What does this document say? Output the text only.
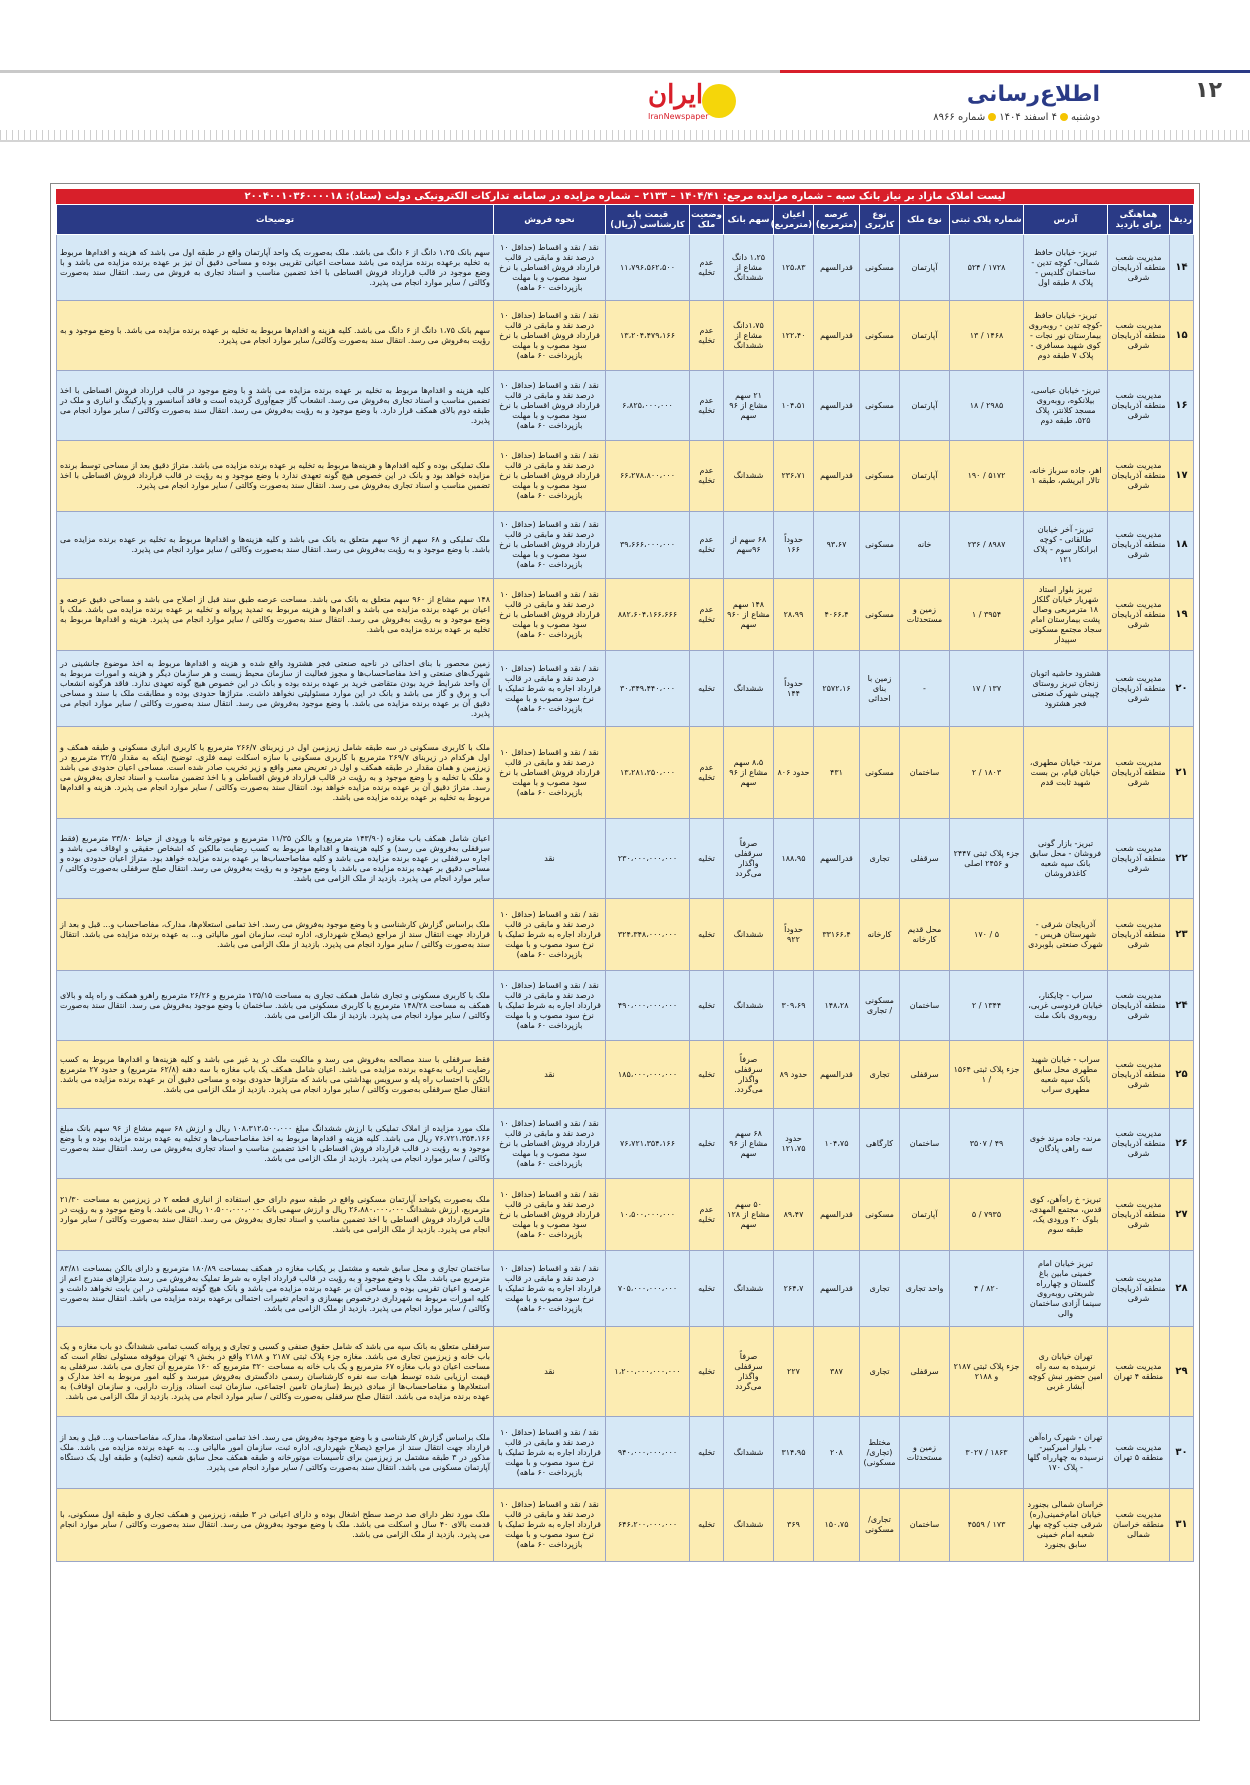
۱۲
اطلاع‌رسانی
دوشنبه۴ اسفند ۱۴۰۴شماره ۸۹۶۶
ایران
IranNewspaper
لیست املاک مازاد بر نیاز بانک سپه – شماره مزایده مرجع: ۱۴۰۴/۴۱ – ۲۱۳۳ – شماره مزایده در سامانه تدارکات الکترونیکی دولت (ستاد): ۲۰۰۴۰۰۱۰۳۶۰۰۰۰۱۸
ردیف	هماهنگی برای بازدید	آدرس	شماره پلاک ثبتی	نوع ملک	نوع کاربری	عرصه (مترمربع)	اعیان (مترمربع)	سهم بانک	وضعیت ملک	قیمت پایه کارشناسی (ریال)	نحوه فروش	توضیحات
۱۴	مدیریت شعب منطقه آذربایجان شرقی	تبریز- خیابان حافظ شمالی- کوچه تدین - ساختمان گلدیس - پلاک ۸ طبقه اول	۱۷۲۸ / ۵۲۴	آپارتمان	مسکونی	قدرالسهم	۱۲۵،۸۳	۱،۲۵ دانگ مشاع از ششدانگ	عدم تخلیه	۱۱،۷۹۶،۵۶۲،۵۰۰	نقد / نقد و اقساط (حداقل ۱۰ درصد نقد و مابقی در قالب قرارداد فروش اقساطی با نرخ سود مصوب و با مهلت بازپرداخت ۶۰ ماهه)	سهم بانک ۱،۲۵ دانگ از ۶ دانگ می باشد. ملک به‌صورت یک واحد آپارتمان واقع در طبقه اول می باشد که هزینه و اقدام‌ها مربوط به تخلیه برعهده برنده مزایده می باشد مساحت اعیانی تقریبی بوده و مساحی دقیق آن نیز بر عهده برنده مزایده می باشد و با وضع موجود در قالب قرارداد فروش اقساطی با اخذ تضمین مناسب و اسناد تجاری به فروش می رسد. انتقال سند به‌صورت وکالتی / سایر موارد انجام می پذیرد.
۱۵	مدیریت شعب منطقه آذربایجان شرقی	تبریز- خیابان حافظ -کوچه تدین - روبه‌روی بیمارستان نور نجات - کوی شهید مسافری - پلاک ۷ طبقه دوم	۱۴۶۸ / ۱۳	آپارتمان	مسکونی	قدرالسهم	۱۲۲،۴۰	۱،۷۵دانگ مشاع از ششدانگ	عدم تخلیه	۱۳،۲۰۴،۴۷۹،۱۶۶	نقد / نقد و اقساط (حداقل ۱۰ درصد نقد و مابقی در قالب قرارداد فروش اقساطی با نرخ سود مصوب و با مهلت بازپرداخت ۶۰ ماهه)	سهم بانک ۱،۷۵ دانگ از ۶ دانگ می باشد. کلیه هزینه و اقدام‌ها مربوط به تخلیه بر عهده برنده مزایده می باشد. با وضع موجود و به رؤیت به‌فروش می رسد. انتقال سند به‌صورت وکالتی/ سایر موارد انجام می پذیرد.
۱۶	مدیریت شعب منطقه آذربایجان شرقی	تبریز- خیابان عباسی، بیلانکوه، روبه‌روی مسجد کلانتر، پلاک ۵۲۵، طبقه دوم	۲۹۸۵ / ۱۸	آپارتمان	مسکونی	قدرالسهم	۱۰۴،۵۱	۲۱ سهم مشاع از ۹۶ سهم	عدم تخلیه	۶،۸۲۵،۰۰۰،۰۰۰	نقد / نقد و اقساط (حداقل ۱۰ درصد نقد و مابقی در قالب قرارداد فروش اقساطی با نرخ سود مصوب و با مهلت بازپرداخت ۶۰ ماهه)	کلیه هزینه و اقدام‌ها مربوط به تخلیه بر عهده برنده مزایده می باشد و با وضع موجود در قالب قرارداد فروش اقساطی با اخذ تضمین مناسب و اسناد تجاری به‌فروش می رسد. انشعاب گاز جمع‌آوری گردیده است و فاقد آسانسور و پارکینگ و انباری و ملک در طبقه دوم بالای همکف قرار دارد. با وضع موجود و به رؤیت به‌فروش می رسد. انتقال سند به‌صورت وکالتی / سایر موارد انجام می پذیرد.
۱۷	مدیریت شعب منطقه آذربایجان شرقی	اهر، جاده سرباز خانه، تالار ابریشم، طبقه ۱	۵۱۷۲ / ۱۹۰	آپارتمان	مسکونی	قدرالسهم	۲۳۶،۷۱	ششدانگ	عدم تخلیه	۶۶،۲۷۸،۸۰۰،۰۰۰	نقد / نقد و اقساط (حداقل ۱۰ درصد نقد و مابقی در قالب قرارداد فروش اقساطی با نرخ سود مصوب و با مهلت بازپرداخت ۶۰ ماهه)	ملک تملیکی بوده و کلیه اقدام‌ها و هزینه‌ها مربوط به تخلیه بر عهده برنده مزایده می باشد. متراژ دقیق بعد از مساحی توسط برنده مزایده خواهد بود و بانک در این خصوص هیچ گونه تعهدی ندارد با وضع موجود و به رؤیت در قالب قرارداد فروش اقساطی با اخذ تضمین مناسب و اسناد تجاری به‌فروش می رسد. انتقال سند به‌صورت وکالتی / سایر موارد انجام می پذیرد.
۱۸	مدیریت شعب منطقه آذربایجان شرقی	تبریز- آخر خیابان طالقانی - کوچه ابرانکار سوم - پلاک ۱۲۱	۸۹۸۷ / ۲۳۶	خانه	مسکونی	۹۳،۶۷	حدوداً ۱۶۶	۶۸ سهم از ۹۶سهم	عدم تخلیه	۳۹،۶۶۶،۰۰۰،۰۰۰	نقد / نقد و اقساط (حداقل ۱۰ درصد نقد و مابقی در قالب قرارداد فروش اقساطی با نرخ سود مصوب و با مهلت بازپرداخت ۶۰ ماهه)	ملک تملیکی و ۶۸ سهم از ۹۶ سهم متعلق به بانک می باشد و کلیه هزینه‌ها و اقدام‌ها مربوط به تخلیه بر عهده برنده مزایده می باشد. با وضع موجود و به رؤیت به‌فروش می رسد. انتقال سند به‌صورت وکالتی / سایر موارد انجام می پذیرد.
۱۹	مدیریت شعب منطقه آذربایجان شرقی	تبریز بلوار استاد شهریار خیابان گلکار ۱۸ مترمربعی وصال پشت بیمارستان امام سجاد مجتمع مسکونی سپیدار	۳۹۵۴ / ۱	زمین و مستحدثات	مسکونی	۴۰۶۶،۴	۲۸،۹۹	۱۴۸ سهم مشاع از ۹۶۰ سهم	عدم تخلیه	۸۸۲،۶۰۴،۱۶۶،۶۶۶	نقد / نقد و اقساط (حداقل ۱۰ درصد نقد و مابقی در قالب قرارداد فروش اقساطی با نرخ سود مصوب و با مهلت بازپرداخت ۶۰ ماهه)	۱۴۸ سهم مشاع از ۹۶۰ سهم متعلق به بانک می باشد. مساحت عرصه طبق سند قبل از اصلاح می باشد و مساحی دقیق عرصه و اعیان بر عهده برنده مزایده می باشد و اقدام‌ها و هزینه مربوط به تمدید پروانه و تخلیه بر عهده برنده مزایده می باشد. ملک با وضع موجود و به رؤیت به‌فروش می رسد. انتقال سند به‌صورت وکالتی / سایر موارد انجام می پذیرد. هزینه و اقدام‌ها مربوط به تخلیه بر عهده برنده مزایده می باشد.
۲۰	مدیریت شعب منطقه آذربایجان شرقی	هشترود حاشیه اتوبان زنجان تبریز روستای چپینی شهرک صنعتی فجر هشترود	۱۳۷ / ۱۷	-	زمین با بنای احداثی	۲۵۷۲،۱۶	حدوداً ۱۴۴	ششدانگ	تخلیه	۳۰،۳۴۹،۴۴۰،۰۰۰	نقد / نقد و اقساط (حداقل ۱۰ درصد نقد و مابقی در قالب قرارداد اجاره به شرط تملیک با نرخ سود مصوب و با مهلت بازپرداخت ۶۰ ماهه)	زمین محصور با بنای احداثی در ناحیه صنعتی فجر هشترود واقع شده و هزینه و اقدام‌ها مربوط به اخذ موضوع جانشینی در شهرک‌های صنعتی و اخذ مفاصاحساب‌ها و مجوز فعالیت از سازمان محیط زیست و هر سازمان دیگر و هزینه و امورات مربوط به آن واحد شرایط خرید بودن متقاضی خرید بر عهده برنده بوده و بانک در این خصوص هیچ گونه تعهدی ندارد. فاقد هرگونه انشعاب آب و برق و گاز می باشد و بانک در این موارد مسئولیتی نخواهد داشت. متراژها حدودی بوده و مطابقت ملک با سند و مساحی دقیق آن بر عهده برنده مزایده می باشد. با وضع موجود به‌فروش می رسد. انتقال سند به‌صورت وکالتی / سایر موارد انجام می پذیرد.
۲۱	مدیریت شعب منطقه آذربایجان شرقی	مرند- خیابان مطهری، خیابان قیام، بن بست شهید ثابت قدم	۱۸۰۳ / ۲	ساختمان	مسکونی	۴۳۱	حدود ۸۰۶	۸،۵ سهم مشاع از ۹۶ سهم	عدم تخلیه	۱۳،۲۸۱،۲۵۰،۰۰۰	نقد / نقد و اقساط (حداقل ۱۰ درصد نقد و مابقی در قالب قرارداد فروش اقساطی با نرخ سود مصوب و با مهلت بازپرداخت ۶۰ ماهه)	ملک با کاربری مسکونی در سه طبقه شامل زیرزمین اول در زیربنای ۲۶۶/۷ مترمربع با کاربری انباری مسکونی و طبقه همکف و اول هرکدام در زیربنای ۲۶۹/۷ مترمربع با کاربری مسکونی با سازه اسکلت نیمه فلزی. توضیح اینکه به مقدار ۳۲/۵ مترمربع در زیرزمین و همان مقدار در طبقه همکف و اول در تعریض معبر واقع و زیر تخریب صادر شده است. مساحی اعیان حدودی می باشد و ملک با تخلیه و با وضع موجود و به رؤیت در قالب قرارداد فروش اقساطی و با اخذ تضمین مناسب و اسناد تجاری به‌فروش می رسد. متراژ دقیق آن بر عهده برنده مزایده خواهد بود. انتقال سند به‌صورت وکالتی / سایر موارد انجام می پذیرد. هزینه و اقدام‌ها مربوط به تخلیه بر عهده برنده مزایده می باشد.
۲۲	مدیریت شعب منطقه آذربایجان شرقی	تبریز- بازار گونی فروشان - محل سابق بانک سپه شعبه کاغذفروشان	جزء پلاک ثبتی ۲۴۴۷ و ۲۴۵۶ اصلی	سرقفلی	تجاری	قدرالسهم	۱۸۸،۹۵	صرفاً سرقفلی واگذار می‌گردد	تخلیه	۲۳۰،۰۰۰،۰۰۰،۰۰۰	نقد	اعیان شامل همکف باب مغازه (۱۴۳/۹۰ مترمربع) و بالکن ۱۱/۳۵ مترمربع و موتورخانه با ورودی از حیاط ۳۳/۸۰ مترمربع (فقط سرقفلی به‌فروش می رسد) و کلیه هزینه‌ها و اقدام‌ها مربوط به کسب رضایت مالکین که اشخاص حقیقی و اوقاف می باشد و اجاره سرقفلی بر عهده برنده مزایده می باشد و کلیه مفاصاحساب‌ها بر عهده برنده مزایده خواهد بود. متراژ اعیان حدودی بوده و مساحی دقیق بر عهده برنده مزایده می باشد. با وضع موجود و به رؤیت به‌فروش می رسد. انتقال صلح سرقفلی به‌صورت وکالتی / سایر موارد انجام می پذیرد. بازدید از ملک الزامی می باشد.
۲۳	مدیریت شعب منطقه آذربایجان شرقی	آذربایجان شرقی - شهرستان هریس - شهرک صنعتی بلوبردی	۵ / ۱۷۰	محل قدیم کارخانه	کارخانه	۳۳۱۶۶،۴	حدوداً ۹۲۲	ششدانگ	تخلیه	۳۲۴،۳۴۸،۰۰۰،۰۰۰	نقد / نقد و اقساط (حداقل ۱۰ درصد نقد و مابقی در قالب قرارداد اجاره به شرط تملیک با نرخ سود مصوب و با مهلت بازپرداخت ۶۰ ماهه)	ملک براساس گزارش کارشناسی و با وضع موجود به‌فروش می رسد. اخذ تمامی استعلام‌ها، مدارک، مفاصاحساب و... قبل و بعد از قرارداد جهت انتقال سند از مراجع ذیصلاح شهرداری، اداره ثبت، سازمان امور مالیاتی و... به عهده برنده مزایده می باشد. انتقال سند به‌صورت وکالتی / سایر موارد انجام می پذیرد. بازدید از ملک الزامی می باشد.
۲۴	مدیریت شعب منطقه آذربایجان شرقی	سراب - چایکنار، خیابان فردوسی غربی، روبه‌روی بانک ملت	۱۳۴۴ / ۲	ساختمان	مسکونی / تجاری	۱۴۸،۲۸	۳۰۹،۶۹	ششدانگ	تخلیه	۴۹۰،۰۰۰،۰۰۰،۰۰۰	نقد / نقد و اقساط (حداقل ۱۰ درصد نقد و مابقی در قالب قرارداد اجاره به شرط تملیک با نرخ سود مصوب و با مهلت بازپرداخت ۶۰ ماهه)	ملک با کاربری مسکونی و تجاری شامل همکف تجاری به مساحت ۱۳۵/۱۵ مترمربع و ۲۶/۲۶ مترمربع راهرو همکف و راه پله و بالای همکف به مساحت ۱۴۸/۲۸ مترمربع با کاربری مسکونی می باشد. ساختمان با وضع موجود به‌فروش می رسد. انتقال سند به‌صورت وکالتی / سایر موارد انجام می پذیرد. بازدید از ملک الزامی می باشد.
۲۵	مدیریت شعب منطقه آذربایجان شرقی	سراب - خیابان شهید مطهری محل سابق بانک سپه شعبه مطهری سراب	جزء پلاک ثبتی ۱۵۶۴ / ۱	سرقفلی	تجاری	قدرالسهم	حدود ۸۹	صرفاً سرقفلی واگذار می‌گردد.	تخلیه	۱۸۵،۰۰۰،۰۰۰،۰۰۰	نقد	فقط سرقفلی با سند مصالحه به‌فروش می رسد و مالکیت ملک در ید غیر می باشد و کلیه هزینه‌ها و اقدام‌ها مربوط به کسب رضایت ارباب به‌عهده برنده مزایده می باشد. اعیان شامل همکف یک باب مغازه با سه دهنه (۶۲/۸ مترمربع) و حدود ۲۷ مترمربع بالکن با احتساب راه پله و سرویس بهداشتی می باشد که متراژها حدودی بوده و مساحی دقیق آن بر عهده برنده مزایده می باشد. انتقال صلح سرقفلی به‌صورت وکالتی / سایر موارد انجام می پذیرد. بازدید از ملک الزامی می باشد.
۲۶	مدیریت شعب منطقه آذربایجان شرقی	مرند- جاده مرند خوی سه راهی پادگان	۴۹ / ۳۵۰۷	ساختمان	کارگاهی	۱۰۴،۷۵	حدود ۱۲۱،۷۵	۶۸ سهم مشاع از ۹۶ سهم	تخلیه	۷۶،۷۲۱،۳۵۴،۱۶۶	نقد / نقد و اقساط (حداقل ۱۰ درصد نقد و مابقی در قالب قرارداد فروش اقساطی با نرخ سود مصوب و با مهلت بازپرداخت ۶۰ ماهه)	ملک مورد مزایده از املاک تملیکی با ارزش ششدانگ مبلغ ۱۰۸،۳۱۲،۵۰۰،۰۰۰ ریال و ارزش ۶۸ سهم مشاع از ۹۶ سهم بانک مبلغ ۷۶،۷۲۱،۳۵۴،۱۶۶ ریال می باشد. کلیه هزینه و اقدام‌ها مربوط به اخذ مفاصاحساب‌ها و تخلیه به عهده برنده مزایده بوده و با وضع موجود و به رؤیت در قالب قرارداد فروش اقساطی با اخذ تضمین مناسب و اسناد تجاری به‌فروش می رسد. انتقال سند به‌صورت وکالتی / سایر موارد انجام می پذیرد. بازدید از ملک الزامی می باشد.
۲۷	مدیریت شعب منطقه آذربایجان شرقی	تبریز- خ راه‌آهن، کوی قدس، مجتمع المهدی، بلوک ۲۰ ورودی یک، طبقه سوم	۷۹۳۵ / ۵	آپارتمان	مسکونی	قدرالسهم	۸۹،۴۷	۵۰ سهم مشاع از ۱۲۸ سهم	عدم تخلیه	۱۰،۵۰۰،۰۰۰،۰۰۰	نقد / نقد و اقساط (حداقل ۱۰ درصد نقد و مابقی در قالب قرارداد فروش اقساطی با نرخ سود مصوب و با مهلت بازپرداخت ۶۰ ماهه)	ملک به‌صورت یکواحد آپارتمان مسکونی واقع در طبقه سوم دارای حق استفاده از انباری قطعه ۲ در زیرزمین به مساحت ۲۱/۳۰ مترمربع، ارزش ششدانگ ۲۶،۸۸۰،۰۰۰،۰۰۰ ریال و ارزش سهمی بانک ۱۰،۵۰۰،۰۰۰،۰۰۰ ریال می باشد. با وضع موجود و به رؤیت در قالب قرارداد فروش اقساطی با اخذ تضمین مناسب و اسناد تجاری به‌فروش می رسد. انتقال سند به‌صورت وکالتی / سایر موارد انجام می پذیرد. بازدید از ملک الزامی می باشد.
۲۸	مدیریت شعب منطقه آذربایجان شرقی	تبریز خیابان امام خمینی مابین باغ گلستان و چهارراه شریعتی روبه‌روی سینما آزادی ساختمان والی	۸۲۰ / ۴	واحد تجاری	تجاری	قدرالسهم	۲۶۴،۷	ششدانگ	تخلیه	۷۰۵،۰۰۰،۰۰۰،۰۰۰	نقد / نقد و اقساط (حداقل ۱۰ درصد نقد و مابقی در قالب قرارداد اجاره به شرط تملیک با نرخ سود مصوب و با مهلت بازپرداخت ۶۰ ماهه)	ساختمان تجاری و محل سابق شعبه و مشتمل بر یکباب مغازه در همکف بمساحت ۱۸۰/۸۹ مترمربع و دارای بالکن بمساحت ۸۳/۸۱ مترمربع می باشد. ملک با وضع موجود و به رؤیت در قالب قرارداد اجاره به شرط تملیک به‌فروش می رسد متراژهای مندرج اعم از عرصه و اعیان تقریبی بوده و مساحی آن بر عهده برنده مزایده می باشد و بانک هیچ گونه مسئولیتی در این بابت نخواهد داشت و کلیه امورات مربوط به شهرداری درخصوص بهسازی و انجام تغییرات احتمالی برعهده برنده مزایده می باشد. انتقال سند به‌صورت وکالتی / سایر موارد انجام می پذیرد. بازدید از ملک الزامی می باشد.
۲۹	مدیریت شعب منطقه ۴ تهران	تهران خیابان ری نرسیده به سه راه امین حضور نبش کوچه آبشار غربی	جزء پلاک ثبتی ۲۱۸۷ و ۲۱۸۸	سرقفلی	تجاری	۳۸۷	۲۲۷	صرفاً سرقفلی واگذار می‌گردد	تخلیه	۱،۲۰۰،۰۰۰،۰۰۰،۰۰۰	نقد	سرقفلی متعلق به بانک سپه می باشد که شامل حقوق صنفی و کسبی و تجاری و پروانه کسب تمامی ششدانگ دو باب مغازه و یک باب خانه و زیرزمین تجاری می باشد. مغازه جزء پلاک ثبتی ۲۱۸۷ و ۲۱۸۸ واقع در بخش ۹ تهران موقوفه مسئولی نظام است که مساحت اعیان دو باب مغازه ۶۷ مترمربع و یک باب خانه به مساحت ۳۲۰ مترمربع که ۱۶۰ مترمربع آن تجاری می باشد. سرقفلی به قیمت ارزیابی شده توسط هیات سه نفره کارشناسان رسمی دادگستری به‌فروش میرسد و کلیه امور مربوط به اخذ مدارک و استعلام‌ها و مفاصاحساب‌ها از مبادی ذیربط (سازمان تامین اجتماعی، سازمان ثبت اسناد، وزارت دارایی، و سازمان اوقاف) به عهده برنده مزایده می باشد. انتقال صلح سرقفلی به‌صورت وکالتی / سایر موارد انجام می پذیرد. بازدید از ملک الزامی می باشد.
۳۰	مدیریت شعب منطقه ۵ تهران	تهران - شهرک راه‌آهن - بلوار امیرکبیر- نرسیده به چهارراه گلها - پلاک ۱۷۰	۱۸۶۳ / ۳۰۲۷	زمین و مستحدثات	مختلط (تجاری/ مسکونی)	۲۰۸	۳۱۴،۹۵	ششدانگ	تخلیه	۹۴۰،۰۰۰،۰۰۰،۰۰۰	نقد / نقد و اقساط (حداقل ۱۰ درصد نقد و مابقی در قالب قرارداد اجاره به شرط تملیک با نرخ سود مصوب و با مهلت بازپرداخت ۶۰ ماهه)	ملک براساس گزارش کارشناسی و با وضع موجود به‌فروش می رسد. اخذ تمامی استعلام‌ها، مدارک، مفاصاحساب و... قبل و بعد از قرارداد جهت انتقال سند از مراجع ذیصلاح شهرداری، اداره ثبت، سازمان امور مالیاتی و... به عهده برنده مزایده می باشد. ملک مذکور در ۳ طبقه مشتمل بر زیرزمین برای تأسیسات موتورخانه و طبقه همکف محل سابق شعبه (تخلیه) و طبقه اول یک دستگاه آپارتمان مسکونی می باشد. انتقال سند به‌صورت وکالتی / سایر موارد انجام می پذیرد.
۳۱	مدیریت شعب منطقه خراسان شمالی	خراسان شمالی بجنورد خیابان امام‌خمینی(ره) شرقی جنب کوچه بهار شعبه امام خمینی سابق بجنورد	۱۷۳ / ۴۵۵۹	ساختمان	تجاری/ مسکونی	۱۵۰،۷۵	۳۶۹	ششدانگ	تخلیه	۶۴۶،۲۰۰،۰۰۰،۰۰۰	نقد / نقد و اقساط (حداقل ۱۰ درصد نقد و مابقی در قالب قرارداد اجاره به شرط تملیک با نرخ سود مصوب و با مهلت بازپرداخت ۶۰ ماهه)	ملک مورد نظر دارای صد درصد سطح اشغال بوده و دارای اعیانی در ۳ طبقه، زیرزمین و همکف تجاری و طبقه اول مسکونی، با قدمت بالای ۴۰ سال و اسکلت می باشد. ملک با وضع موجود به‌فروش می رسد. انتقال سند به‌صورت وکالتی / سایر موارد انجام می پذیرد. بازدید از ملک الزامی می باشد.
